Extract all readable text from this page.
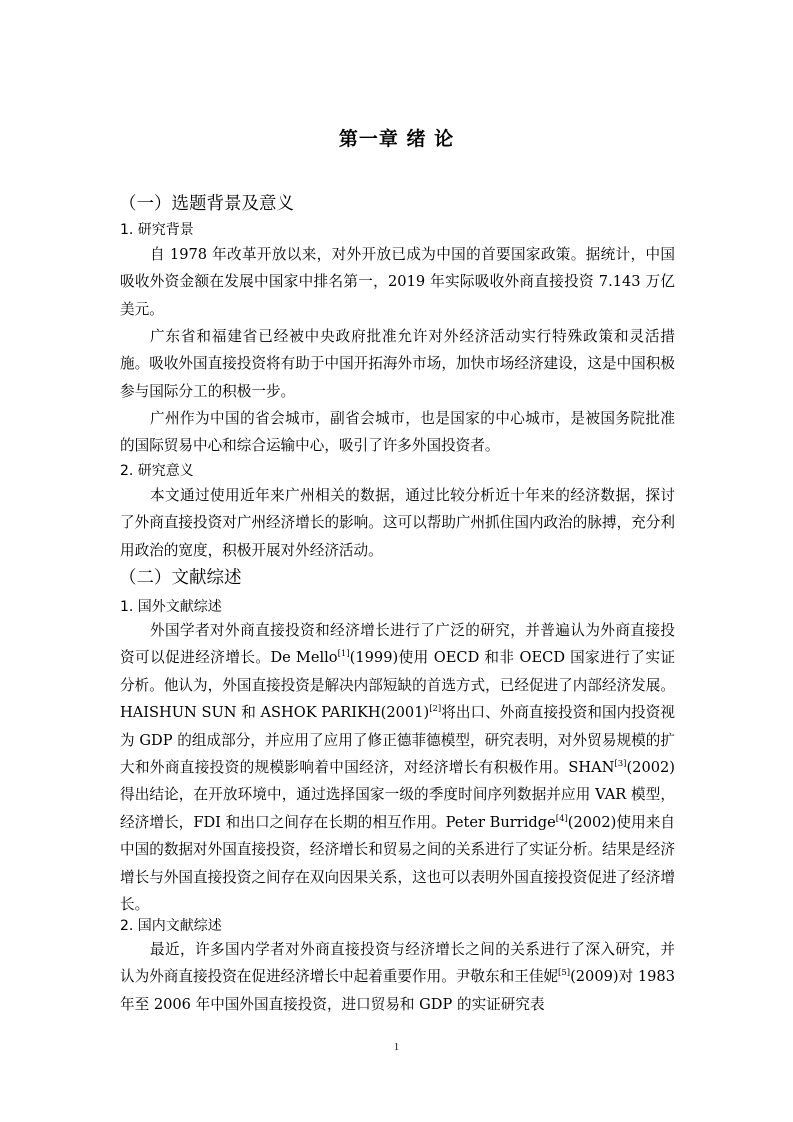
第一章 绪 论
（一）选题背景及意义
1. 研究背景
自 1978 年改革开放以来，对外开放已成为中国的首要国家政策。据统计，中国吸收外资金额在发展中国家中排名第一，2019 年实际吸收外商直接投资 7.143 万亿美元。
广东省和福建省已经被中央政府批准允许对外经济活动实行特殊政策和灵活措施。吸收外国直接投资将有助于中国开拓海外市场，加快市场经济建设，这是中国积极参与国际分工的积极一步。
广州作为中国的省会城市，副省会城市，也是国家的中心城市，是被国务院批准的国际贸易中心和综合运输中心，吸引了许多外国投资者。
2. 研究意义
本文通过使用近年来广州相关的数据，通过比较分析近十年来的经济数据，探讨了外商直接投资对广州经济增长的影响。这可以帮助广州抓住国内政治的脉搏，充分利用政治的宽度，积极开展对外经济活动。
（二）文献综述
1. 国外文献综述
外国学者对外商直接投资和经济增长进行了广泛的研究，并普遍认为外商直接投资可以促进经济增长。De Mello[1](1999)使用 OECD 和非 OECD 国家进行了实证分析。他认为，外国直接投资是解决内部短缺的首选方式，已经促进了内部经济发展。HAISHUN SUN 和 ASHOK PARIKH(2001)[2]将出口、外商直接投资和国内投资视为 GDP 的组成部分，并应用了应用了修正德菲德模型，研究表明，对外贸易规模的扩大和外商直接投资的规模影响着中国经济，对经济增长有积极作用。SHAN[3](2002)得出结论，在开放环境中，通过选择国家一级的季度时间序列数据并应用 VAR 模型，经济增长，FDI 和出口之间存在长期的相互作用。Peter Burridge[4](2002)使用来自中国的数据对外国直接投资，经济增长和贸易之间的关系进行了实证分析。结果是经济增长与外国直接投资之间存在双向因果关系，这也可以表明外国直接投资促进了经济增长。
2. 国内文献综述
最近，许多国内学者对外商直接投资与经济增长之间的关系进行了深入研究，并认为外商直接投资在促进经济增长中起着重要作用。尹敬东和王佳妮[5](2009)对 1983 年至 2006 年中国外国直接投资，进口贸易和 GDP 的实证研究表
1
